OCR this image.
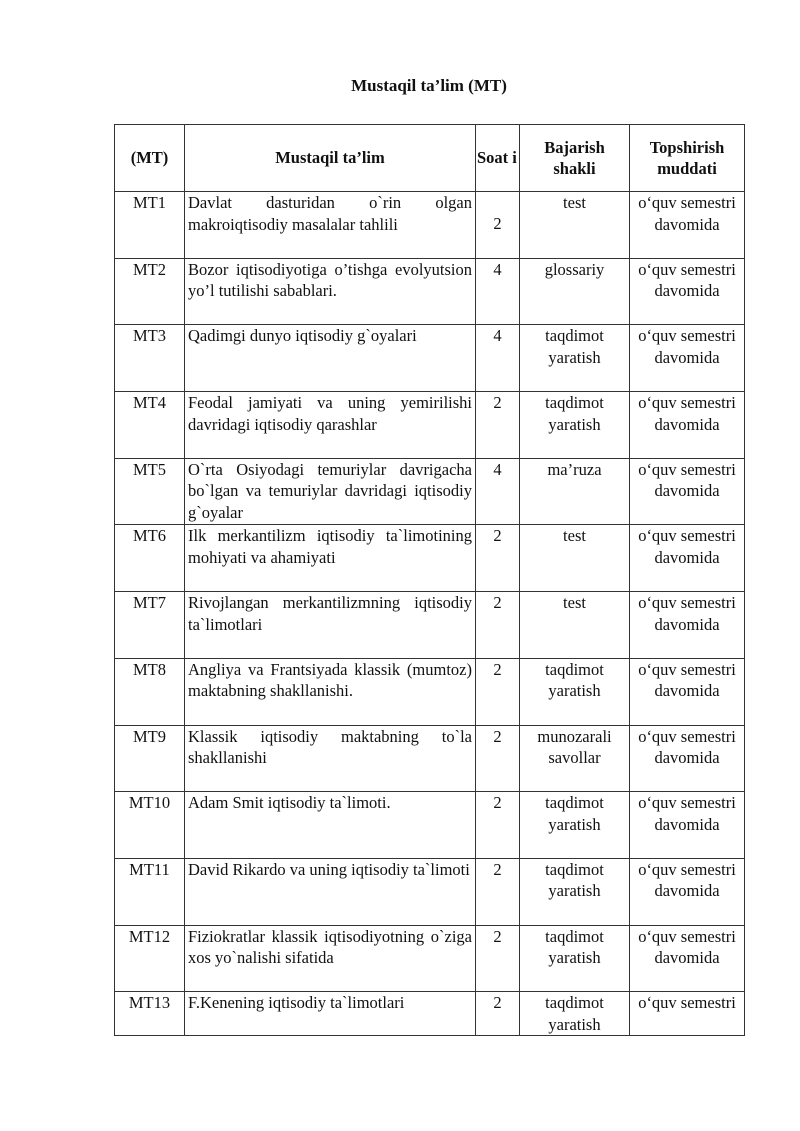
Mustaqil ta’lim (MT)
(MT)	Mustaqil ta’lim	Soat i	Bajarish shakli	Topshirish muddati
MT1	Davlat dasturidan o`rin olgan makroiqtisodiy masalalar tahlili	2	test	o‘quv semestri davomida
MT2	Bozor iqtisodiyotiga o’tishga evolyutsion yo’l tutilishi sabablari.	4	glossariy	o‘quv semestri davomida
MT3	Qadimgi dunyo iqtisodiy g`oyalari	4	taqdimot yaratish	o‘quv semestri davomida
MT4	Feodal jamiyati va uning yemirilishi davridagi iqtisodiy qarashlar	2	taqdimot yaratish	o‘quv semestri davomida
MT5	O`rta Osiyodagi temuriylar davrigacha bo`lgan va temuriylar davridagi iqtisodiy g`oyalar	4	ma’ruza	o‘quv semestri davomida
MT6	Ilk merkantilizm iqtisodiy ta`limotining mohiyati va ahamiyati	2	test	o‘quv semestri davomida
MT7	Rivojlangan merkantilizmning iqtisodiy ta`limotlari	2	test	o‘quv semestri davomida
MT8	Angliya va Frantsiyada klassik (mumtoz) maktabning shakllanishi.	2	taqdimot yaratish	o‘quv semestri davomida
MT9	Klassik iqtisodiy maktabning to`la shakllanishi	2	munozarali savollar	o‘quv semestri davomida
MT10	Adam Smit iqtisodiy ta`limoti.	2	taqdimot yaratish	o‘quv semestri davomida
MT11	David Rikardo va uning iqtisodiy ta`limoti	2	taqdimot yaratish	o‘quv semestri davomida
MT12	Fiziokratlar klassik iqtisodiyotning o`ziga xos yo`nalishi sifatida	2	taqdimot yaratish	o‘quv semestri davomida
MT13	F.Kenening iqtisodiy ta`limotlari	2	taqdimot yaratish	o‘quv semestri
